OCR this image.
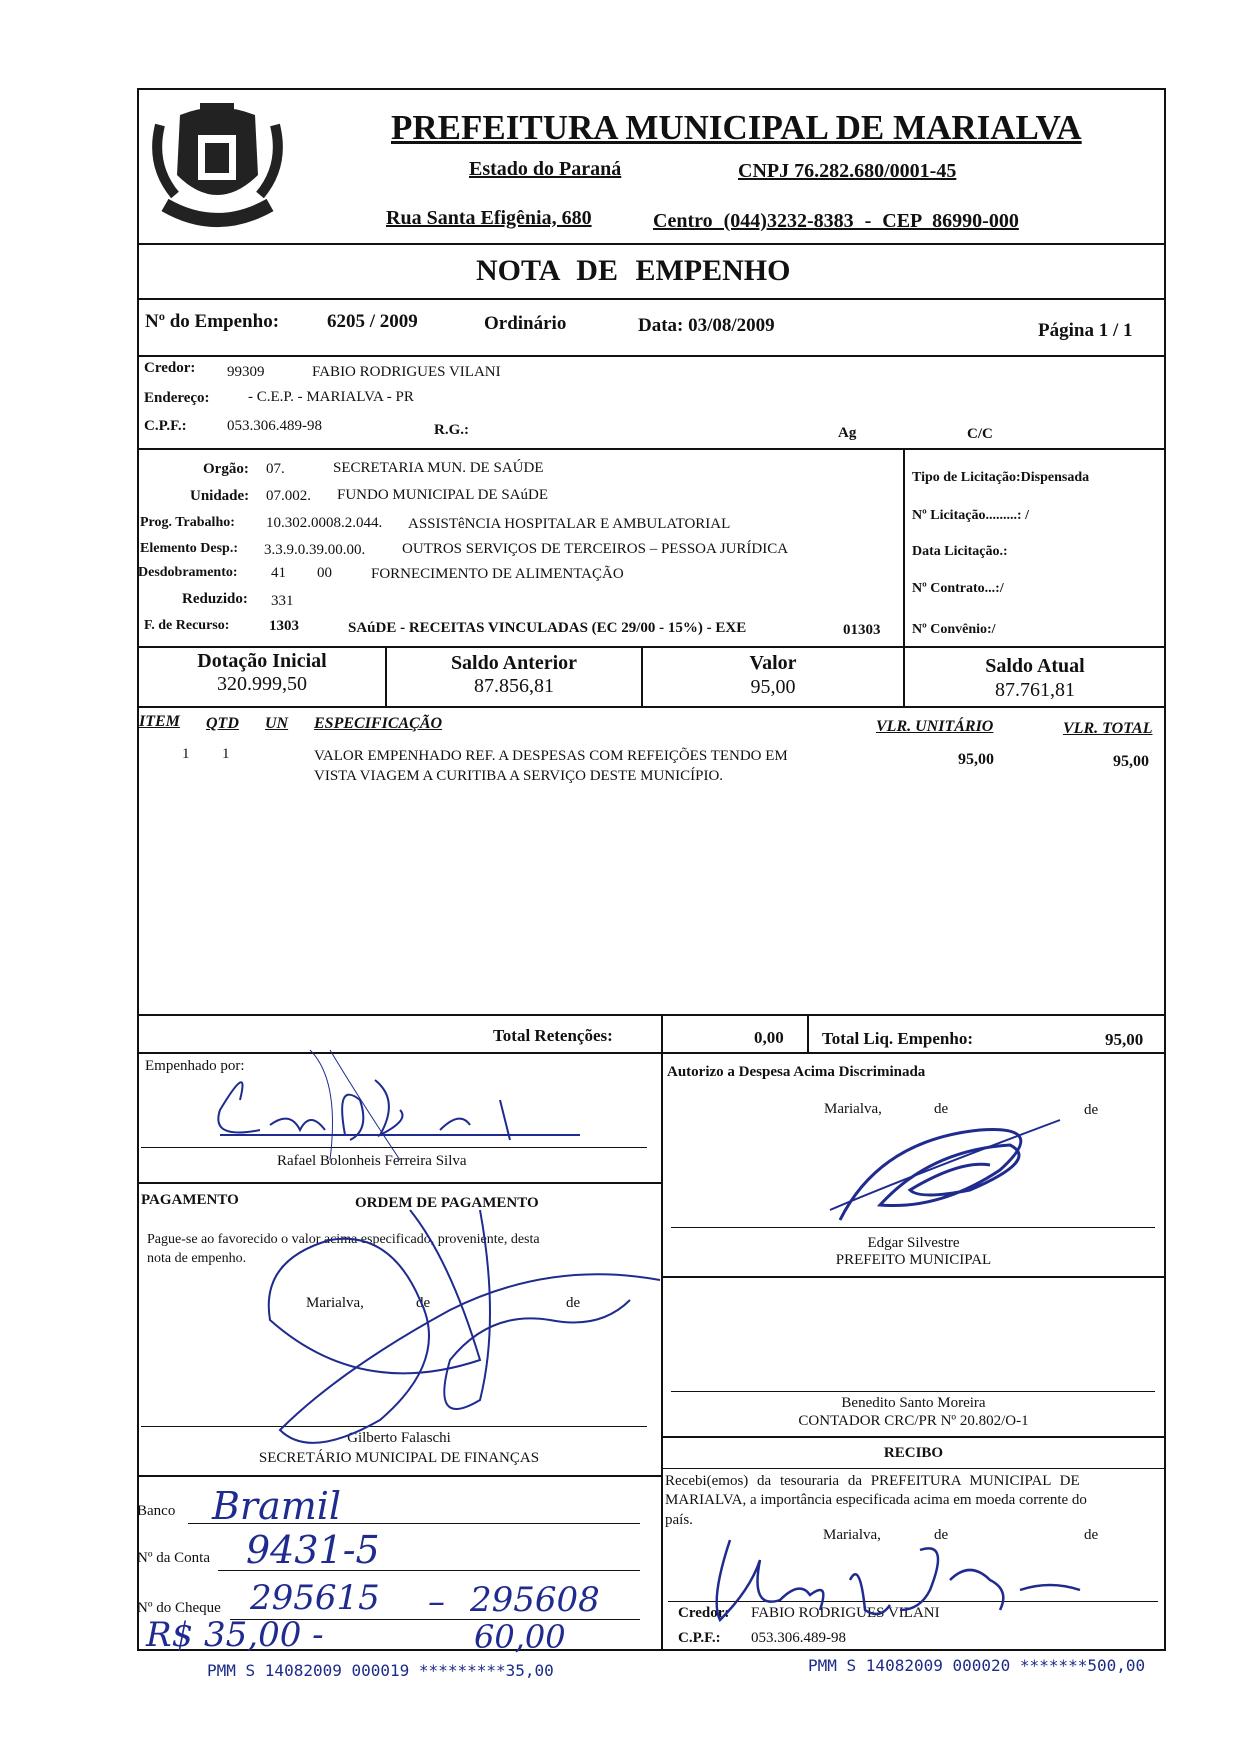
PREFEITURA MUNICIPAL DE MARIALVA
Estado do Paraná	CNPJ 76.282.680/0001-45
Rua Santa Efigênia, 680	Centro (044)3232-8383 - CEP 86990-000
NOTA DE EMPENHO
Nº do Empenho:	6205 / 2009	Ordinário	Data: 03/08/2009	Página 1 / 1
Credor: 99309	FABIO RODRIGUES VILANI
Endereço:	- C.E.P. - MARIALVA - PR
C.P.F.:	053.306.489-98	R.G.:	Ag	C/C
Orgão: 07.	SECRETARIA MUN. DE SAÚDE
Unidade: 07.002. FUNDO MUNICIPAL DE SAúDE
Prog. Trabalho: 10.302.0008.2.044. ASSISTêNCIA HOSPITALAR E AMBULATORIAL
Elemento Desp.: 3.3.9.0.39.00.00. OUTROS SERVIÇOS DE TERCEIROS – PESSOA JURÍDICA
Desdobramento: 41 00	FORNECIMENTO DE ALIMENTAÇÃO
Reduzido: 331
F. de Recurso:	1303	SAúDE - RECEITAS VINCULADAS (EC 29/00 - 15%) - EXE	01303
Tipo de Licitação:Dispensada
Nº Licitação.........: /
Data Licitação.:
Nº Contrato...:/
Nº Convênio:/
Dotação Inicial
320.999,50
Saldo Anterior
87.856,81
Valor
95,00
Saldo Atual
87.761,81
ITEM QTD UN ESPECIFICAÇÃO	VLR. UNITÁRIO	VLR. TOTAL
1 1	VALOR EMPENHADO REF. A DESPESAS COM REFEIÇÕES TENDO EM
VISTA VIAGEM A CURITIBA A SERVIÇO DESTE MUNICÍPIO.
95,00	95,00
Total Retenções:	0,00 Total Liq. Empenho:	95,00
Empenhado por:
Rafael Bolonheis Ferreira Silva
Autorizo a Despesa Acima Discriminada
Marialva,	de	de
Edgar Silvestre
PREFEITO MUNICIPAL
PAGAMENTO	ORDEM DE PAGAMENTO
Pague-se ao favorecido o valor acima especificado, proveniente, desta
nota de empenho.
Marialva,	de	de
Gilberto Falaschi
SECRETÁRIO MUNICIPAL DE FINANÇAS
Benedito Santo Moreira
CONTADOR CRC/PR Nº 20.802/O-1
RECIBO
Recebi(emos) da tesouraria da PREFEITURA MUNICIPAL DE
MARIALVA, a importância especificada acima em moeda corrente do
país.
Marialva,	de	de
Credor: FABIO RODRIGUES VILANI
C.P.F.: 053.306.489-98
Banco Bramil
Nº da Conta 9431-5
Nº do Cheque 295615 – 295608
R$ 35,00 -	60,00
PMM S 14082009 000019 *********35,00	PMM S 14082009 000020 *******500,00
